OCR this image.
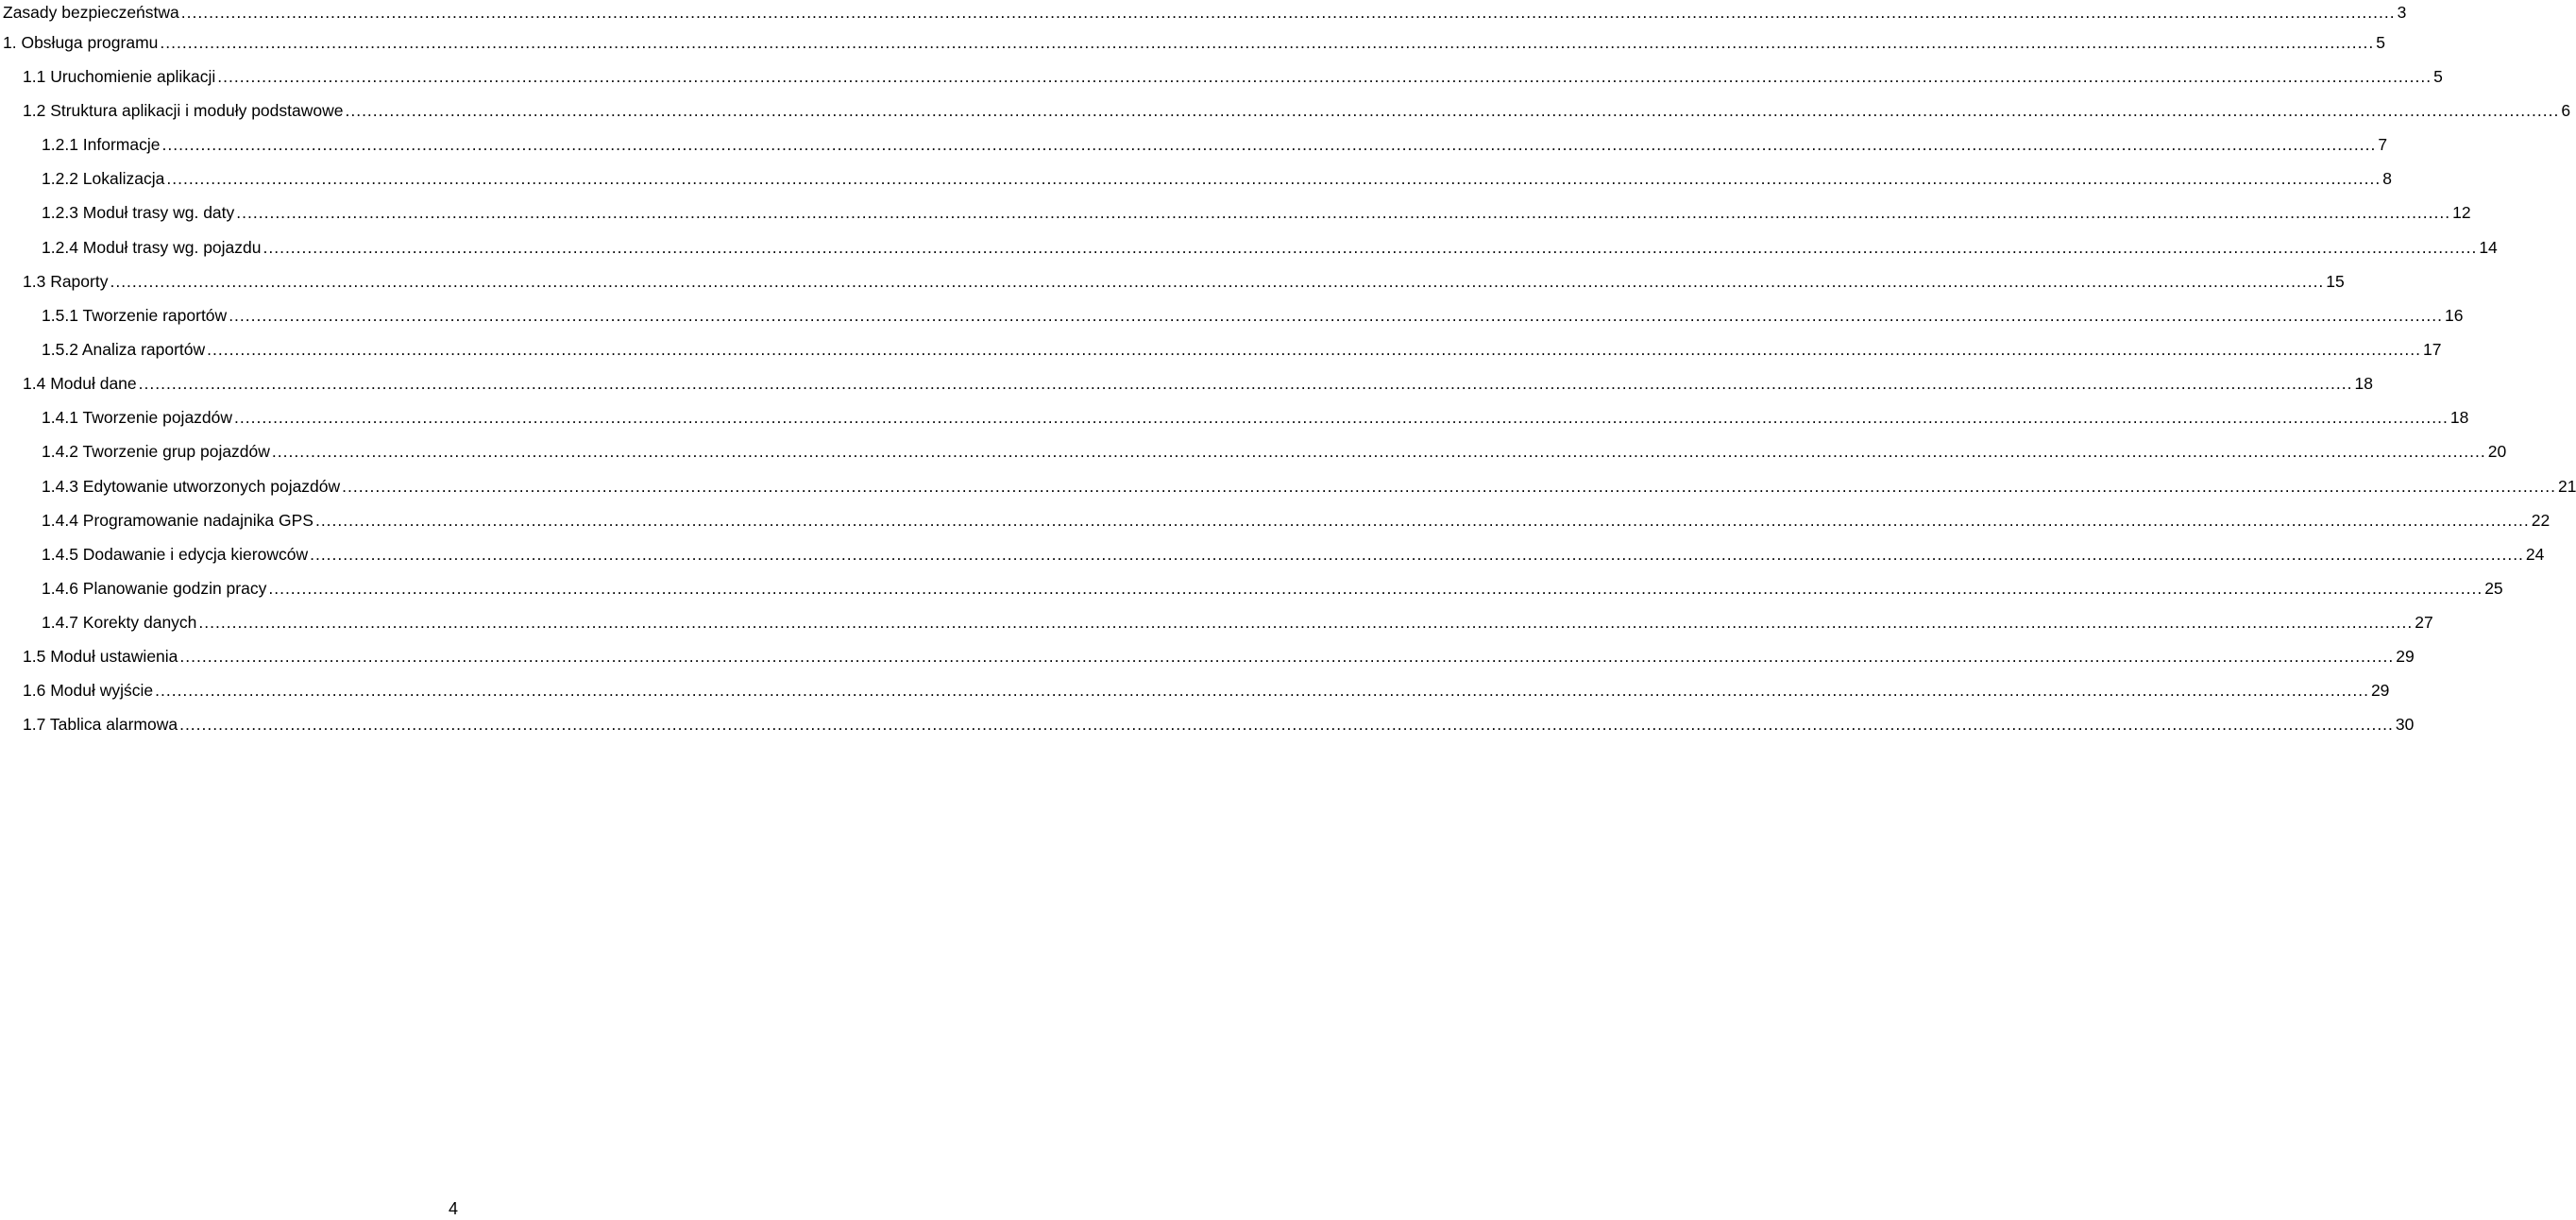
Zasady bezpieczeństwa ................................................................................................................................................................................................................................................................................................................................................................................................................ 3
1. Obsługa programu ................................................................................................................................................................................................................................................................................................................................................................................................................ 5
1.1 Uruchomienie aplikacji ................................................................................................................................................................................................................................................................................................................................................................................................................ 5
1.2 Struktura aplikacji i moduły podstawowe ................................................................................................................................................................................................................................................................................................................................................................................................................ 6
1.2.1 Informacje ................................................................................................................................................................................................................................................................................................................................................................................................................ 7
1.2.2 Lokalizacja ................................................................................................................................................................................................................................................................................................................................................................................................................ 8
1.2.3 Moduł trasy wg. daty ................................................................................................................................................................................................................................................................................................................................................................................................................ 12
1.2.4 Moduł trasy wg. pojazdu ................................................................................................................................................................................................................................................................................................................................................................................................................ 14
1.3 Raporty ................................................................................................................................................................................................................................................................................................................................................................................................................ 15
1.5.1 Tworzenie raportów ................................................................................................................................................................................................................................................................................................................................................................................................................ 16
1.5.2 Analiza raportów ................................................................................................................................................................................................................................................................................................................................................................................................................ 17
1.4 Moduł dane ................................................................................................................................................................................................................................................................................................................................................................................................................ 18
1.4.1 Tworzenie pojazdów ................................................................................................................................................................................................................................................................................................................................................................................................................ 18
1.4.2 Tworzenie grup pojazdów ................................................................................................................................................................................................................................................................................................................................................................................................................ 20
1.4.3 Edytowanie utworzonych pojazdów ................................................................................................................................................................................................................................................................................................................................................................................................................ 21
1.4.4 Programowanie nadajnika GPS ................................................................................................................................................................................................................................................................................................................................................................................................................ 22
1.4.5 Dodawanie i edycja kierowców ................................................................................................................................................................................................................................................................................................................................................................................................................ 24
1.4.6 Planowanie godzin pracy ................................................................................................................................................................................................................................................................................................................................................................................................................ 25
1.4.7 Korekty danych ................................................................................................................................................................................................................................................................................................................................................................................................................ 27
1.5 Moduł ustawienia ................................................................................................................................................................................................................................................................................................................................................................................................................ 29
1.6 Moduł wyjście ................................................................................................................................................................................................................................................................................................................................................................................................................ 29
1.7 Tablica alarmowa ................................................................................................................................................................................................................................................................................................................................................................................................................ 30
4
